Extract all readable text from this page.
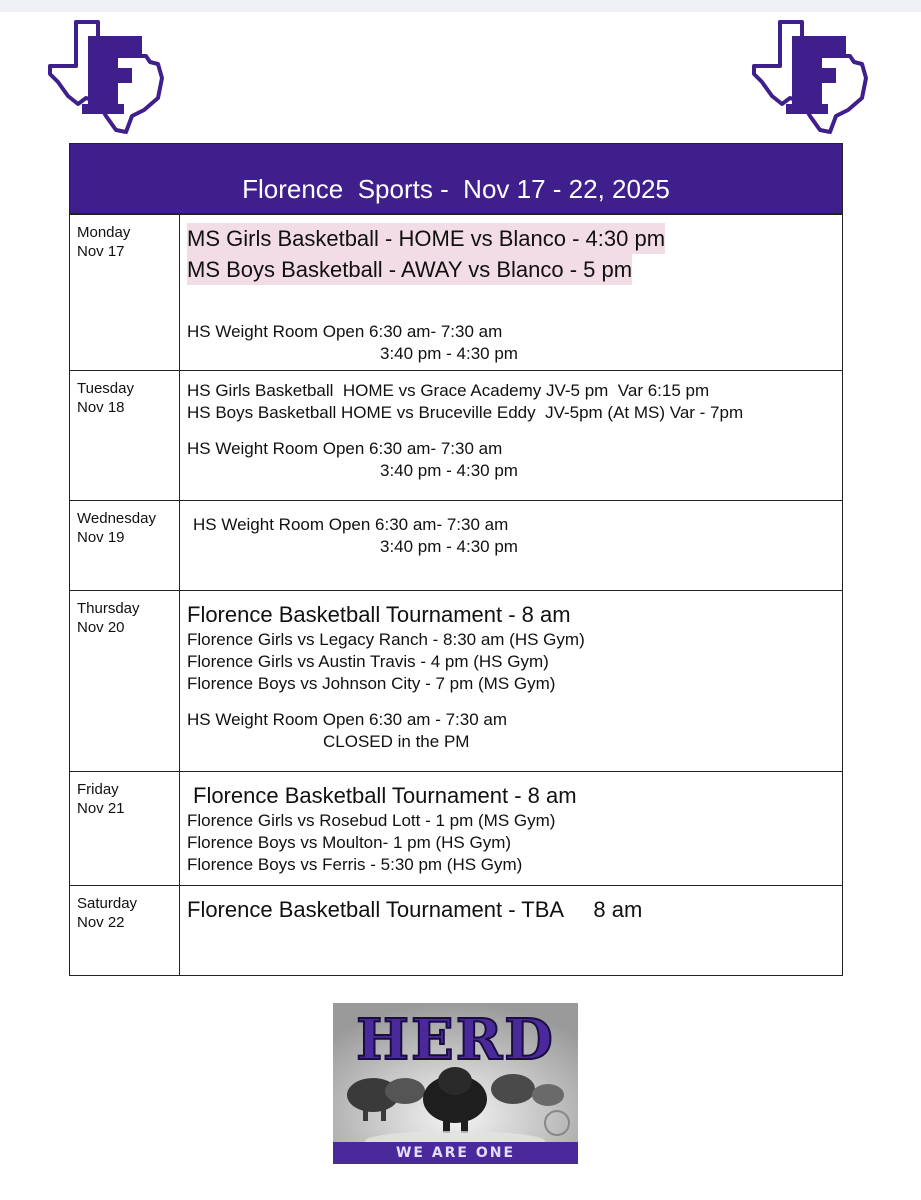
Florence  Sports -  Nov 17 - 22, 2025
Monday
Nov 17
MS Girls Basketball - HOME vs Blanco - 4:30 pm
MS Boys Basketball - AWAY vs Blanco - 5 pm
HS Weight Room Open 6:30 am- 7:30 am
3:40 pm - 4:30 pm
Tuesday
Nov 18
HS Girls Basketball  HOME vs Grace Academy JV-5 pm  Var 6:15 pm
HS Boys Basketball HOME vs Bruceville Eddy  JV-5pm (At MS) Var - 7pm
HS Weight Room Open 6:30 am- 7:30 am
3:40 pm - 4:30 pm
Wednesday
Nov 19
HS Weight Room Open 6:30 am- 7:30 am
3:40 pm - 4:30 pm
Thursday
Nov 20
Florence Basketball Tournament - 8 am
Florence Girls vs Legacy Ranch - 8:30 am (HS Gym)
Florence Girls vs Austin Travis - 4 pm (HS Gym)
Florence Boys vs Johnson City - 7 pm (MS Gym)
HS Weight Room Open 6:30 am - 7:30 am
CLOSED in the PM
Friday
Nov 21
Florence Basketball Tournament - 8 am
Florence Girls vs Rosebud Lott - 1 pm (MS Gym)
Florence Boys vs Moulton- 1 pm (HS Gym)
Florence Boys vs Ferris - 5:30 pm (HS Gym)
Saturday
Nov 22
Florence Basketball Tournament - TBA     8 am
HERD
WE ARE ONE
